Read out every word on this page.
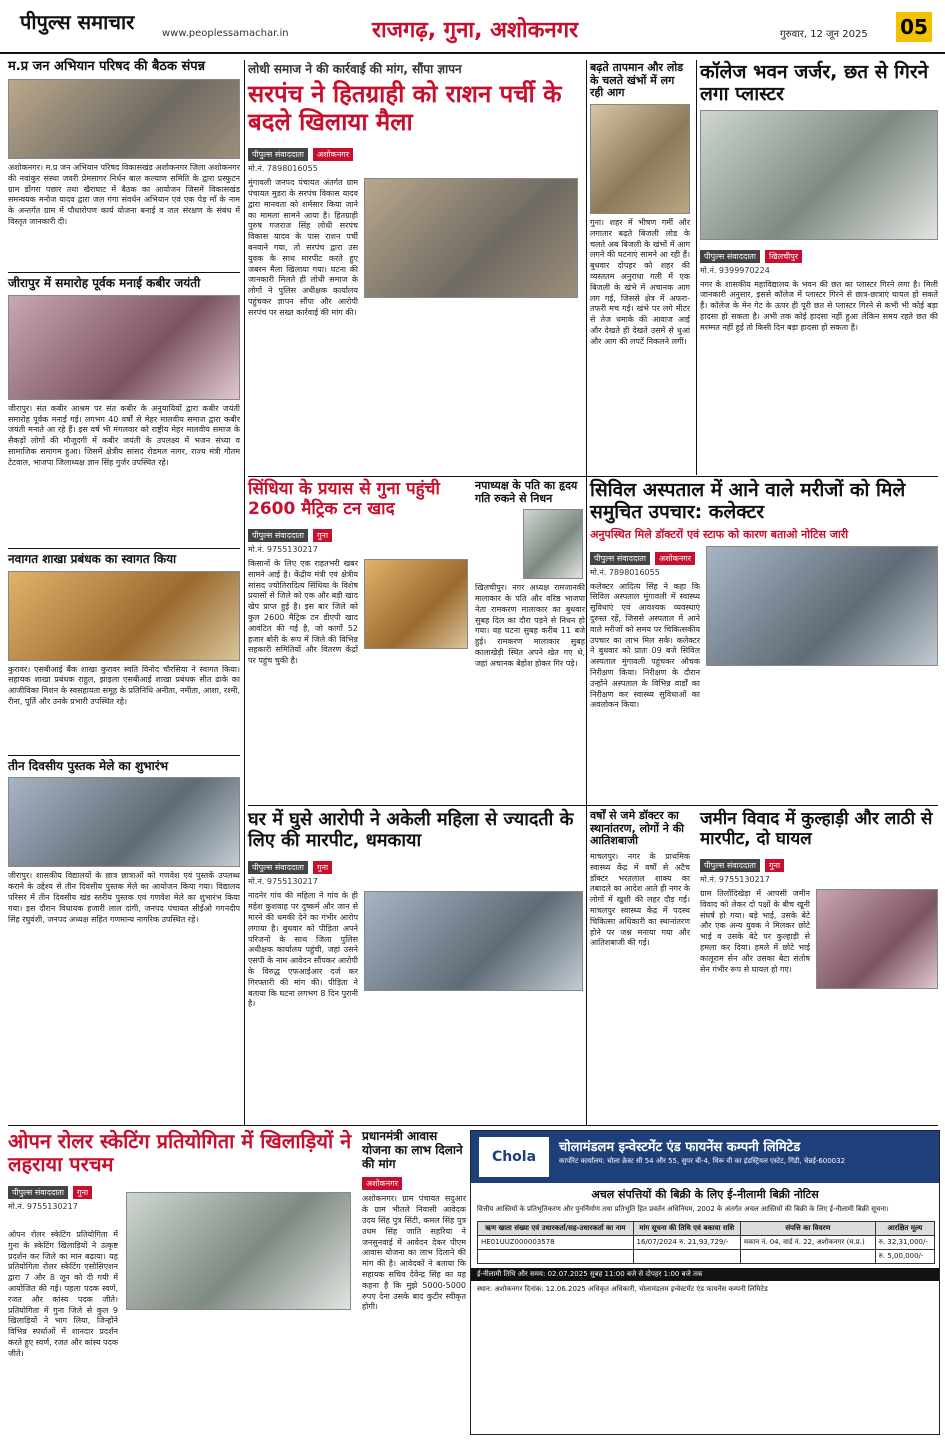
पीपुल्स समाचार	www.peoplessamachar.in	राजगढ़, गुना, अशोकनगर	गुरुवार, 12 जून 2025 05
म.प्र जन अभियान परिषद की बैठक संपन्न
अशोकनगर। म.प्र जन अभियान परिषद विकासखंड अशोकनगर जिला अशोकनगर की नवांकुर संस्था जवरी प्रेमसागर निर्धन बाल कल्याण समिति के द्वारा प्रस्फुटन ग्राम डोंगरा पछार तथा खैराघाट में बैठक का आयोजन जिसमें विकासखंड समन्वयक मनोज यादव द्वारा जल गंगा संवर्धन अभियान एवं एक पेड़ माँ के नाम के अन्तर्गत ग्राम में पौधारोपण कार्य योजना बनाई व जल संरक्षण के संबंध में विस्तृत जानकारी दी।
जीरापुर में समारोह पूर्वक मनाई कबीर जयंती
जीरापुर। संत कबीर आश्रम पर संत कबीर के अनुयायियों द्वारा कबीर जयंती समारोह पूर्वक मनाई गई। लगभग 40 वर्षों से मेहर मालवीय समाज द्वारा कबीर जयंती मनाते आ रहे हैं। इस वर्ष भी मंगलवार को राष्ट्रीय मेहर मालवीय समाज के सैकड़ों लोगों की मौजूदगी में कबीर जयंती के उपलक्ष्य में भजन संध्या व सामाजिक समागम हुआ। जिसमें क्षेत्रीय सांसद रोडमल नागर, राज्य मंत्री गौतम टेटवाल, भाजपा जिलाध्यक्ष ज्ञान सिंह गुर्जर उपस्थित रहे।
नवागत शाखा प्रबंधक का स्वागत किया
कुरावर। एसबीआई बैंक शाखा कुरावर स्वति विनोद चौरसिया ने स्वागत किया। सहायक शाखा प्रबंधक राहुल, झाइला एसबीआई शाखा प्रबंधक सीत ढाके का आजीविका मिशन के स्वसहायता समूह के प्रतिनिधि अनीता, नमीता, आशा, रश्मी, रीना, पूर्ति और उनके प्रभारी उपस्थित रहे।
तीन दिवसीय पुस्तक मेले का शुभारंभ
जीरापुर। शासकीय विद्यालयों के छात्र छात्राओं को गणवेश एवं पुस्तकें उपलब्ध कराने के उद्देश्य से तीन दिवसीय पुस्तक मेले का आयोजन किया गया। विद्यालय परिसर में तीन दिवसीय खंड स्तरीय पुस्तक एवं गणवेश मेले का शुभारंभ किया गया। इस दौरान विधायक हजारी लाल दांगी, जनपद पंचायत सीईओ गगनदीप सिंह रघुवंशी, जनपद अध्यक्ष सहित गणमान्य नागरिक उपस्थित रहे।
ओपन रोलर स्केटिंग प्रतियोगिता में खिलाड़ियों ने लहराया परचम
पीपुल्स संवाददाता गुना
मो.नं. 9755130217
ओपन रोलर स्केटिंग प्रतियोगिता में गुना के स्केटिंग खिलाड़ियों ने उत्कृष्ट प्रदर्शन कर जिले का मान बढ़ाया। यह प्रतियोगिता रोलर स्केटिंग एसोसिएशन द्वारा 7 और 8 जून को दी गयी में आयोजित की गई। पहला पदक स्वर्ण, रजत और कांस्य पदक जीते। प्रतियोगिता में गुना जिले से कुल 9 खिलाड़ियों ने भाग लिया, जिन्होंने विभिन्न स्पर्धाओं में शानदार प्रदर्शन करते हुए स्वर्ण, रजत और कांस्य पदक जीते।
लोधी समाज ने की कार्रवाई की मांग, सौंपा ज्ञापन
सरपंच ने हितग्राही को राशन पर्ची के बदले खिलाया मैला
पीपुल्स संवाददाता अशोकनगर
मो.नं. 7898016055
मुंगावली जनपद पंचायत अंतर्गत ग्राम पंचायत मुडरा के सरपंच विकास यादव द्वारा मानवता को शर्मसार किया जाने का मामला सामने आया है। हितग्राही पुरुष गजराज सिंह लोधी सरपंच विकास यादव के पास राशन पर्ची बनवाने गया, तो सरपंच द्वारा उस युवक के साथ मारपीट करते हुए जबरन मैला खिलाया गया। घटना की जानकारी मिलते ही लोधी समाज के लोगों ने पुलिस अधीक्षक कार्यालय पहुंचकर ज्ञापन सौंपा और आरोपी सरपंच पर सख्त कार्रवाई की मांग की।
सिंधिया के प्रयास से गुना पहुंची 2600 मैट्रिक टन खाद
पीपुल्स संवाददाता गुना
मो.नं. 9755130217
किसानों के लिए एक राहतभरी खबर सामने आई है। केंद्रीय मंत्री एवं क्षेत्रीय सांसद ज्योतिरादित्य सिंधिया के विशेष प्रयासों से जिले को एक और बड़ी खाद खेप प्राप्त हुई है। इस बार जिले को कुल 2600 मैट्रिक टन डीएपी खाद आवंटित की गई है, जो कार्गो 52 हजार बोरी के रूप में जिले की विभिन्न सहकारी समितियों और वितरण केंद्रों पर पहुंच चुकी है।
नपाध्यक्ष के पति का हृदय गति रुकने से निधन
खिलचीपुर। नगर अध्यक्ष रामजानकी मालाकार के पति और वरिष्ठ भाजपा नेता रामकरण मालाकार का बुधवार सुबह दिल का दौरा पड़ने से निधन हो गया। वह घटना सुबह करीब 11 बजे हुई। रामकरण मालाकार सुबह कालाखेड़ी स्थित अपने खेत गए थे, जहां अचानक बेहोश होकर गिर पड़े।
घर में घुसे आरोपी ने अकेली महिला से ज्यादती के लिए की मारपीट, धमकाया
पीपुल्स संवाददाता गुना
मो.नं. 9755130217
नादनेर गांव की महिला ने गांव के ही महेश कुशवाह पर दुष्कर्म और जान से मारने की धमकी देने का गंभीर आरोप लगाया है। बुधवार को पीड़िता अपने परिजनों के साथ जिला पुलिस अधीक्षक कार्यालय पहुंची, जहां उसने एसपी के नाम आवेदन सौंपकर आरोपी के विरुद्ध एफआईआर दर्ज कर गिरफ्तारी की मांग की। पीड़िता ने बताया कि घटना लगभग 8 दिन पुरानी है।
प्रधानमंत्री आवास योजना का लाभ दिलाने की मांग
अशोकनगर
अशोकनगर। ग्राम पंचायत सदुआर के ग्राम भीतले निवासी आवेदक उदय सिंह पुत्र सिंटी, कमल सिंह पुत्र उधम सिंह जाति सहरिया ने जनसुनवाई में आवेदन देकर पीएम आवास योजना का लाभ दिलाने की मांग की है। आवेदकों ने बताया कि सहायक सचिव देवेन्द्र सिंह का यह कहना है कि मुझे 5000-5000 रुपए देना उसके बाद कुटीर स्वीकृत होगी।
बढ़ते तापमान और लोड के चलते खंभों में लग रही आग
गुना। शहर में भीषण गर्मी और लगातार बढ़ते बिजली लोड के चलते अब बिजली के खंभों में आग लगने की घटनाएं सामने आ रही हैं। बुधवार दोपहर को शहर की व्यस्ततम अनुराधा गली में एक बिजली के खंभे में अचानक आग लग गई, जिससे क्षेत्र में अफरा-तफरी मच गई। खंभे पर लगे मीटर से तेज धमाके की आवाज आई और देखते ही देखते उसमें से धुआं और आग की लपटें निकलने लगीं।
वर्षों से जमे डॉक्टर का स्थानांतरण, लोगों ने की आतिशबाजी
माचलपुर। नगर के प्राथमिक स्वास्थ्य केंद्र में वर्षों से अटैच डॉक्टर भरतलाल शाक्य का तबादले का आदेश आते ही नगर के लोगों में खुशी की लहर दौड़ गई। माचलपुर स्वास्थ्य केंद्र में पदस्थ चिकित्सा अधिकारी का स्थानांतरण होने पर जश्न मनाया गया और आतिशबाजी की गई।
कॉलेज भवन जर्जर, छत से गिरने लगा प्लास्टर
पीपुल्स संवाददाता खिलचीपुर
मो.नं. 9399970224
नगर के शासकीय महाविद्यालय के भवन की छत का प्लास्टर गिरने लगा है। मिली जानकारी अनुसार, इससे कॉलेज में प्लास्टर गिरने से छात्र-छात्राएं घायल हो सकते हैं। कॉलेज के मेन गेट के ऊपर ही पूरी छत से प्लास्टर गिरने से कभी भी कोई बड़ा हादसा हो सकता है। अभी तक कोई हादसा नहीं हुआ लेकिन समय रहते छत की मरम्मत नहीं हुई तो किसी दिन बड़ा हादसा हो सकता है।
सिविल अस्पताल में आने वाले मरीजों को मिले समुचित उपचार: कलेक्टर
अनुपस्थित मिले डॉक्टरों एवं स्टाफ को कारण बताओ नोटिस जारी
पीपुल्स संवाददाता अशोकनगर
मो.नं. 7898016055
कलेक्टर आदित्य सिंह ने कहा कि सिविल अस्पताल मुंगावली में स्वास्थ्य सुविधाएं एवं आवश्यक व्यवस्थाएं दुरुस्त रहें, जिससे अस्पताल में आने वाले मरीजों को समय पर चिकित्सकीय उपचार का लाभ मिल सके। कलेक्टर ने बुधवार को प्रातः 09 बजे सिविल अस्पताल मुंगावली पहुंचकर औचक निरीक्षण किया। निरीक्षण के दौरान उन्होंने अस्पताल के विभिन्न वार्डों का निरीक्षण कर स्वास्थ्य सुविधाओं का अवलोकन किया।
जमीन विवाद में कुल्हाड़ी और लाठी से मारपीट, दो घायल
पीपुल्स संवाददाता गुना
मो.नं. 9755130217
ग्राम तिलोंदिखेड़ा में आपसी जमीन विवाद को लेकर दो पक्षों के बीच खूनी संघर्ष हो गया। बड़े भाई, उसके बेटे और एक अन्य युवक ने मिलकर छोटे भाई व उसके बेटे पर कुल्हाड़ी से हमला कर दिया। हमले में छोटे भाई कालूराम सेन और उसका बेटा संतोष सेन गंभीर रूप से घायल हो गए।
Chola
चोलामंडलम इन्वेस्टमेंट एंड फायनेंस कम्पनी लिमिटेड
कार्पोरेट कार्यालय: चोला क्रेस्ट सी 54 और 55, सुपर बी-4, थिरू वी का इंडस्ट्रियल एस्टेट, गिंडी, चेन्नई-600032
अचल संपत्तियों की बिक्री के लिए ई-नीलामी बिक्री नोटिस
वित्तीय आस्तियों के प्रतिभूतिकरण और पुनर्निर्माण तथा प्रतिभूति हित प्रवर्तन अधिनियम, 2002 के अंतर्गत अचल आस्तियों की बिक्री के लिए ई-नीलामी बिक्री सूचना।
ऋण खाता संख्या एवं उधारकर्ता/सह-उधारकर्ता का नाम	मांग सूचना की तिथि एवं बकाया राशि	संपत्ति का विवरण	आरक्षित मूल्य
HE01UUZ000003578	16/07/2024 रु. 21,93,729/-	मकान नं. 04, वार्ड नं. 22, अशोकनगर (म.प्र.)	रु. 32,31,000/-
			रु. 5,00,000/-
ई-नीलामी तिथि और समय: 02.07.2025 सुबह 11:00 बजे से दोपहर 1:00 बजे तक
स्थान: अशोकनगर दिनांक: 12.06.2025 अधिकृत अधिकारी, चोलामंडलम इन्वेस्टमेंट एंड फायनेंस कम्पनी लिमिटेड
